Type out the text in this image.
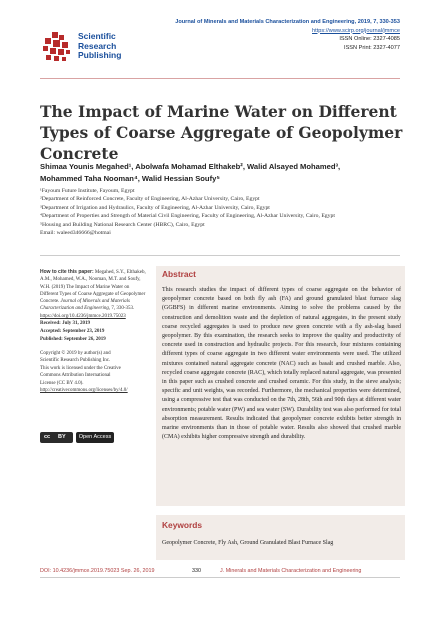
Scientific
Research
Publishing
Journal of Minerals and Materials Characterization and Engineering, 2019, 7, 330-353
https://www.scirp.org/journal/jmmce
ISSN Online: 2327-4085
ISSN Print: 2327-4077
The Impact of Marine Water on Different Types of Coarse Aggregate of Geopolymer Concrete
Shimaa Younis Megahed¹, Abolwafa Mohamad Elthakeb², Walid Alsayed Mohamed³,
Mohammed Taha Nooman⁴, Walid Hessian Soufy⁵
¹Fayoum Future Institute, Fayoum, Egypt
²Department of Reinforced Concrete, Faculty of Engineering, Al-Azhar University, Cairo, Egypt
³Department of Irrigation and Hydraulics, Faculty of Engineering, Al-Azhar University, Cairo, Egypt
⁴Department of Properties and Strength of Material Civil Engineering, Faculty of Engineering, Al-Azhar University, Cairo, Egypt
⁵Housing and Building National Research Center (HBRC), Cairo, Egypt
Email: waleed346666@hotmai
How to cite this paper: Megahed, S.Y., Elthakeb, A.M., Mohamed, W.A., Nooman, M.T. and Soufy, W.H. (2019) The Impact of Marine Water on Different Types of Coarse Aggregate of Geopolymer Concrete. Journal of Minerals and Materials Characterization and Engineering, 7, 330-353.
https://doi.org/10.4236/jmmce.2019.75023
Received: July 31, 2019
Accepted: September 23, 2019
Published: September 26, 2019
Copyright © 2019 by author(s) and
Scientific Research Publishing Inc.
This work is licensed under the Creative
Commons Attribution International
License (CC BY 4.0).
http://creativecommons.org/licenses/by/4.0/
cc BY Open Access
Abstract
This research studies the impact of different types of coarse aggregate on the behavior of geopolymer concrete based on both fly ash (FA) and ground granulated blast furnace slag (GGBFS) in different marine environments. Aiming to solve the problems caused by the construction and demolition waste and the depletion of natural aggregates, in the present study coarse recycled aggregates is used to produce new green concrete with a fly ash-slag based geopolymer. By this examination, the research seeks to improve the quality and productivity of concrete used in construction and hydraulic projects. For this research, four mixtures containing different types of coarse aggregate in two different water environments were used. The utilized mixtures contained natural aggregate concrete (NAC) such as basalt and crushed marble. Also, recycled coarse aggregate concrete (RAC), which totally replaced natural aggregate, was presented in this paper such as crushed concrete and crushed ceramic. For this study, in the sieve analysis; specific and unit weights, was recorded. Furthermore, the mechanical properties were determined, using a compressive test that was conducted on the 7th, 28th, 56th and 90th days at different water environments; potable water (PW) and sea water (SW). Durability test was also performed for total absorption measurement. Results indicated that geopolymer concrete exhibits better strength in marine environments than in those of potable water. Results also showed that crushed marble (CMA) exhibits higher compressive strength and durability.
Keywords
Geopolymer Concrete, Fly Ash, Ground Granulated Blast Furnace Slag
DOI: 10.4236/jmmce.2019.75023 Sep. 26, 2019	330	J. Minerals and Materials Characterization and Engineering
